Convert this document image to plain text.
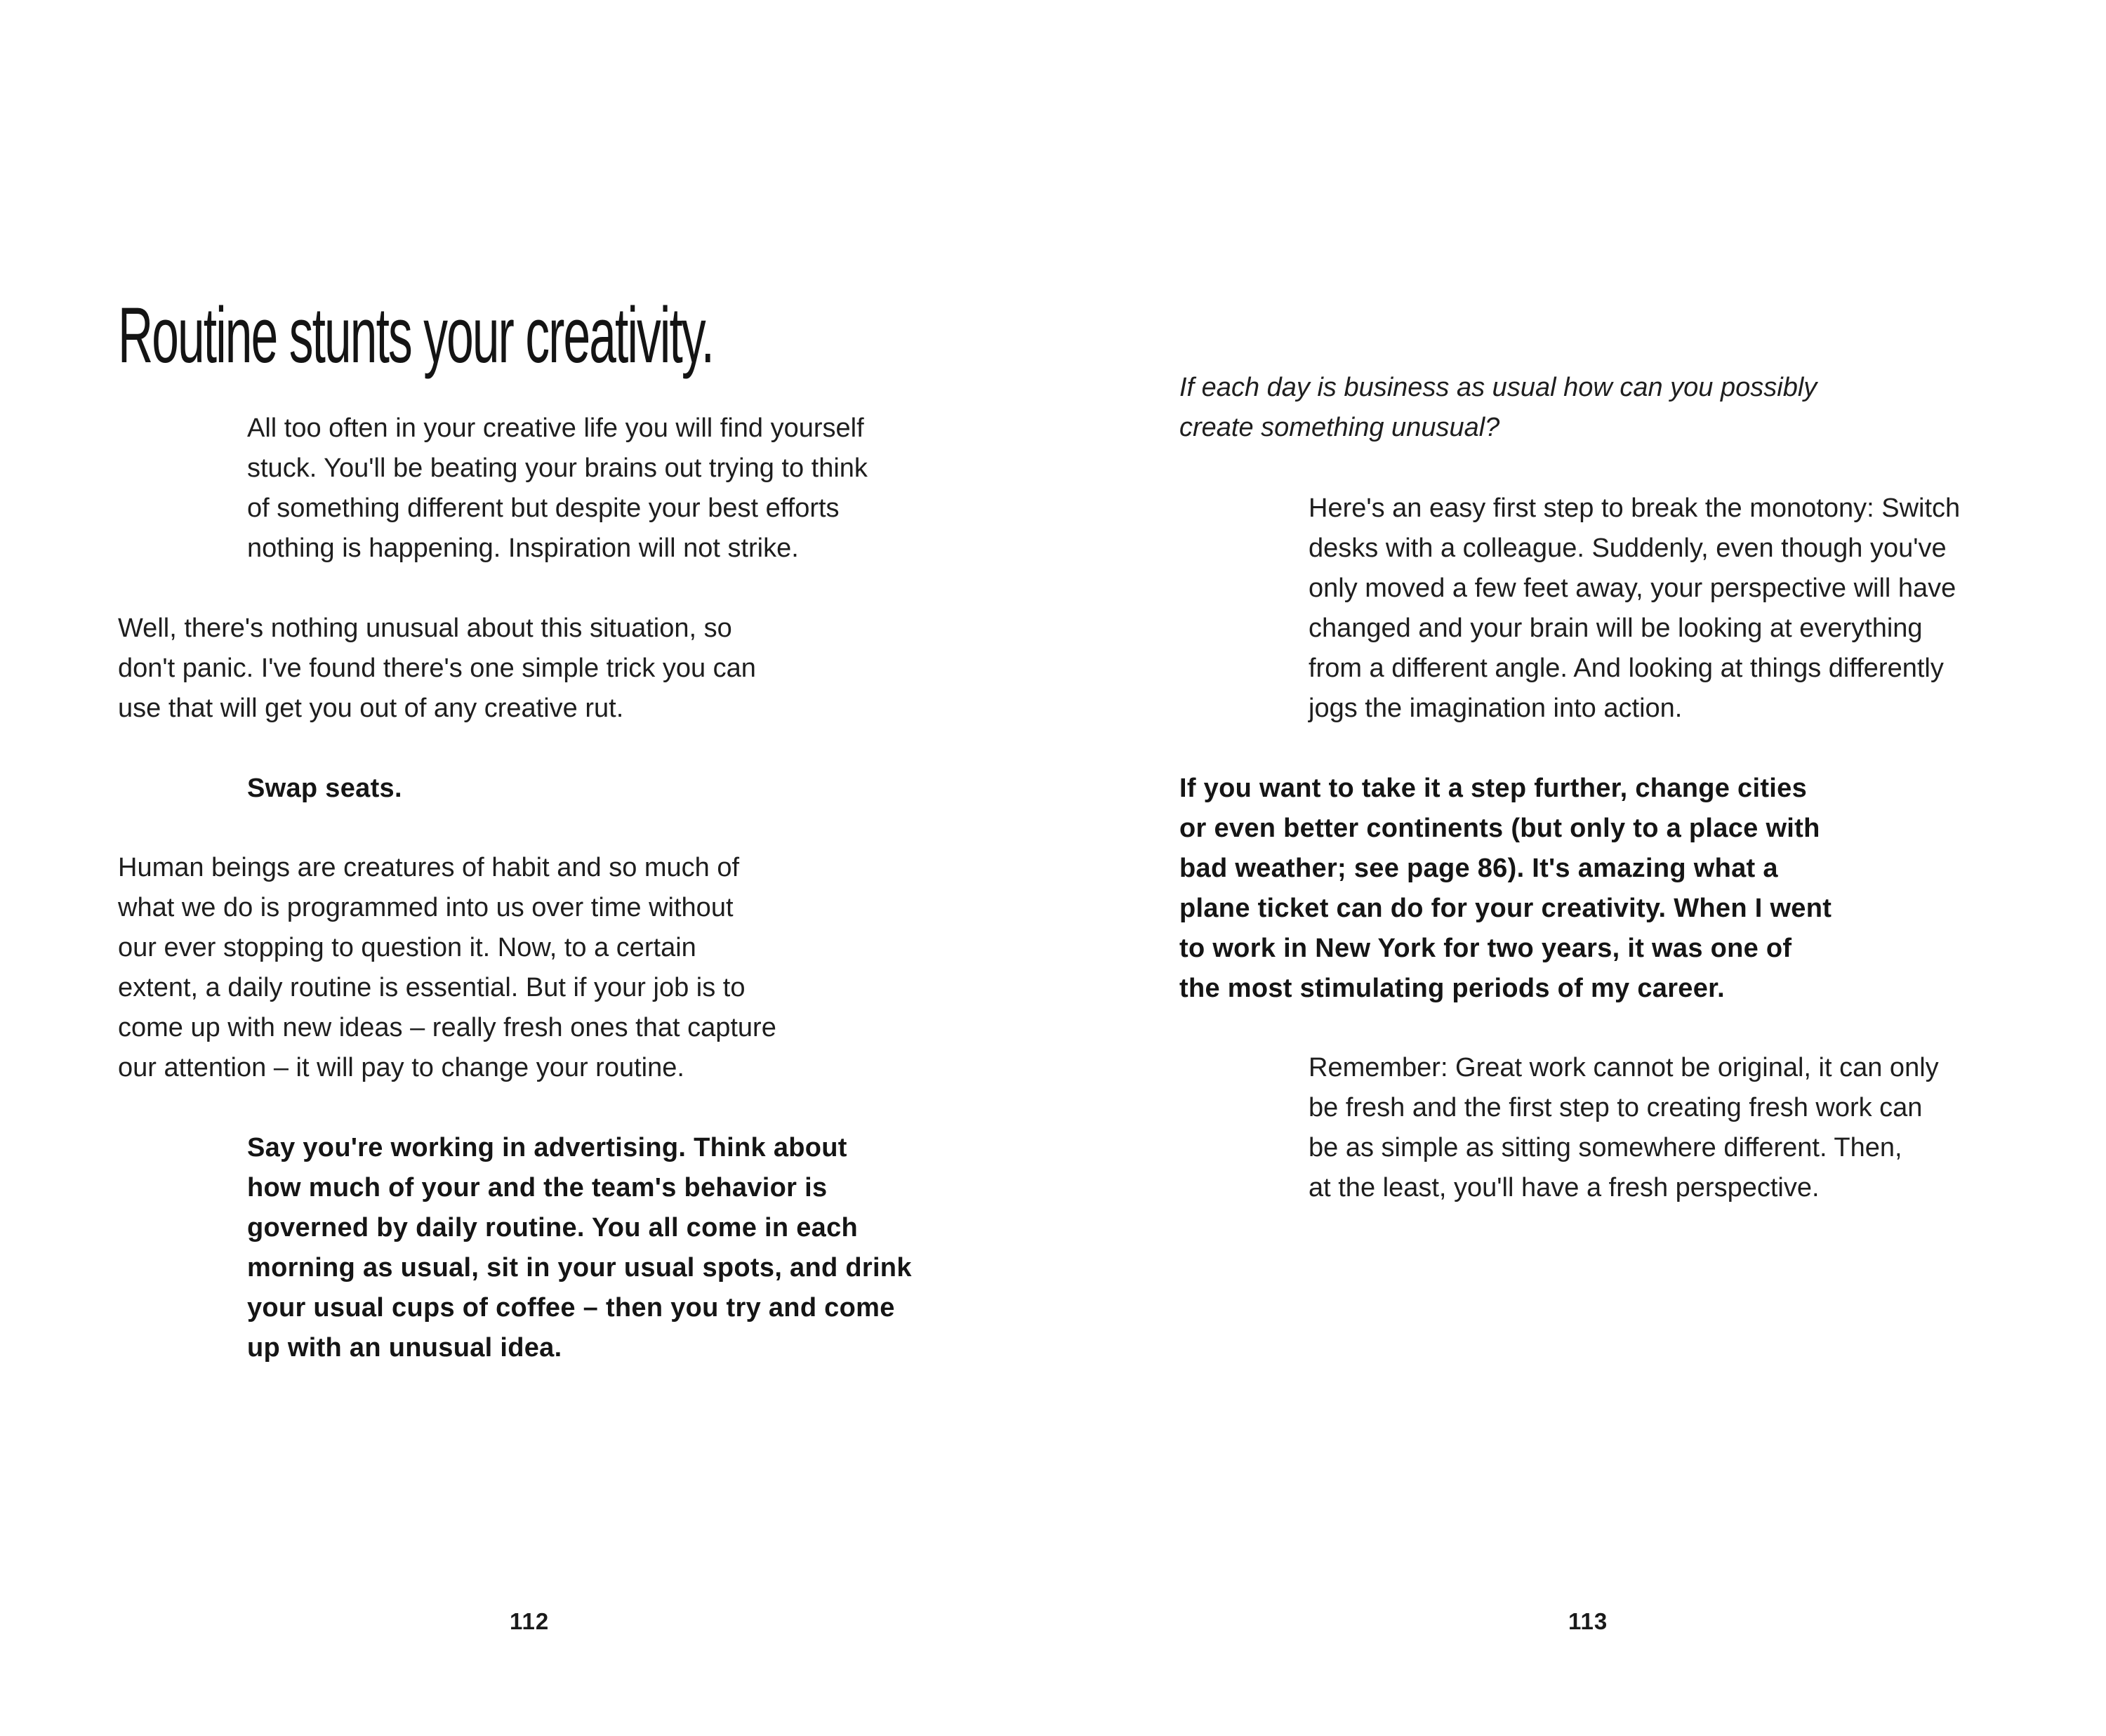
Routine stunts your creativity.

All too often in your creative life you will find yourself
stuck. You'll be beating your brains out trying to think
of something different but despite your best efforts
nothing is happening. Inspiration will not strike.

Well, there's nothing unusual about this situation, so
don't panic. I've found there's one simple trick you can
use that will get you out of any creative rut.

Swap seats.

Human beings are creatures of habit and so much of
what we do is programmed into us over time without
our ever stopping to question it. Now, to a certain
extent, a daily routine is essential. But if your job is to
come up with new ideas – really fresh ones that capture
our attention – it will pay to change your routine.

Say you're working in advertising. Think about
how much of your and the team's behavior is
governed by daily routine. You all come in each
morning as usual, sit in your usual spots, and drink
your usual cups of coffee – then you try and come
up with an unusual idea.

112

If each day is business as usual how can you possibly
create something unusual?

Here's an easy first step to break the monotony: Switch
desks with a colleague. Suddenly, even though you've
only moved a few feet away, your perspective will have
changed and your brain will be looking at everything
from a different angle. And looking at things differently
jogs the imagination into action.

If you want to take it a step further, change cities
or even better continents (but only to a place with
bad weather; see page 86). It's amazing what a
plane ticket can do for your creativity. When I went
to work in New York for two years, it was one of
the most stimulating periods of my career.

Remember: Great work cannot be original, it can only
be fresh and the first step to creating fresh work can
be as simple as sitting somewhere different. Then,
at the least, you'll have a fresh perspective.

113
